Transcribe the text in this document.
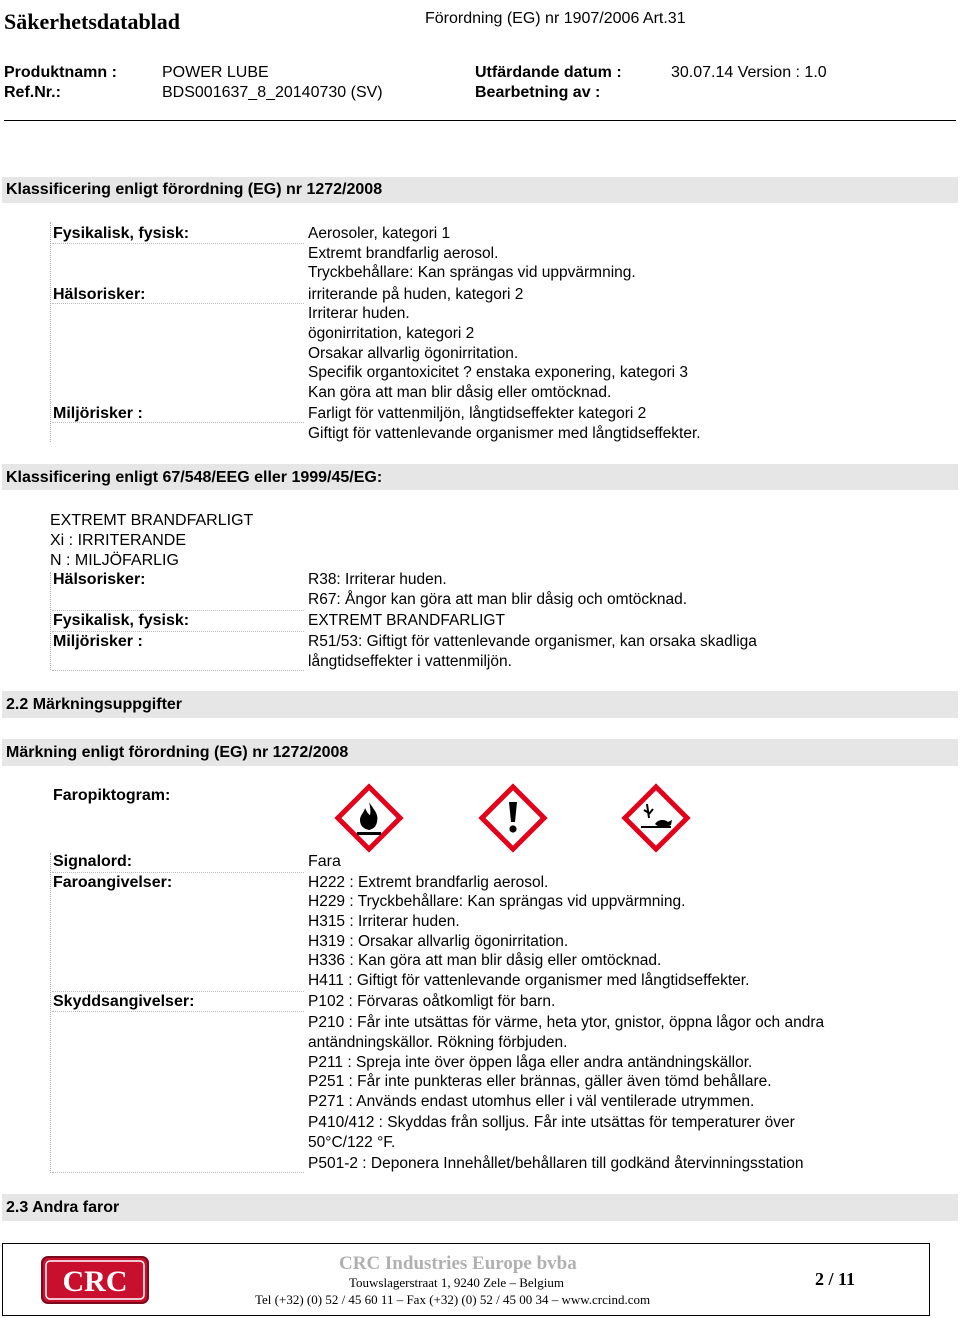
Säkerhetsdatablad	Förordning (EG) nr 1907/2006 Art.31
Produktnamn :	POWER LUBE	Utfärdande datum :	30.07.14 Version : 1.0
Ref.Nr.:	BDS001637_8_20140730 (SV)	Bearbetning av :
Klassificering enligt förordning (EG) nr 1272/2008
Fysikalisk, fysisk:	Aerosoler, kategori 1
Extremt brandfarlig aerosol.
Tryckbehållare: Kan sprängas vid uppvärmning.
Hälsorisker:	irriterande på huden, kategori 2
Irriterar huden.
ögonirritation, kategori 2
Orsakar allvarlig ögonirritation.
Specifik organtoxicitet ? enstaka exponering, kategori 3
Kan göra att man blir dåsig eller omtöcknad.
Miljörisker :	Farligt för vattenmiljön, långtidseffekter kategori 2
Giftigt för vattenlevande organismer med långtidseffekter.
Klassificering enligt 67/548/EEG eller 1999/45/EG:
EXTREMT BRANDFARLIGT
Xi : IRRITERANDE
N : MILJÖFARLIG
Hälsorisker:	R38: Irriterar huden.
R67: Ångor kan göra att man blir dåsig och omtöcknad.
Fysikalisk, fysisk:	EXTREMT BRANDFARLIGT
Miljörisker :	R51/53: Giftigt för vattenlevande organismer, kan orsaka skadliga
långtidseffekter i vattenmiljön.
2.2 Märkningsuppgifter
Märkning enligt förordning (EG) nr 1272/2008
Faropiktogram:
Signalord:	Fara
Faroangivelser:	H222 : Extremt brandfarlig aerosol.
H229 : Tryckbehållare: Kan sprängas vid uppvärmning.
H315 : Irriterar huden.
H319 : Orsakar allvarlig ögonirritation.
H336 : Kan göra att man blir dåsig eller omtöcknad.
H411 : Giftigt för vattenlevande organismer med långtidseffekter.
Skyddsangivelser:	P102 : Förvaras oåtkomligt för barn.
P210 : Får inte utsättas för värme, heta ytor, gnistor, öppna lågor och andra
antändningskällor. Rökning förbjuden.
P211 : Spreja inte över öppen låga eller andra antändningskällor.
P251 : Får inte punkteras eller brännas, gäller även tömd behållare.
P271 : Används endast utomhus eller i väl ventilerade utrymmen.
P410/412 : Skyddas från solljus. Får inte utsättas för temperaturer över
50°C/122 °F.
P501-2 : Deponera Innehållet/behållaren till godkänd återvinningsstation
2.3 Andra faror
CRC
CRC Industries Europe bvba
Touwslagerstraat 1, 9240 Zele – Belgium
Tel (+32) (0) 52 / 45 60 11 – Fax (+32) (0) 52 / 45 00 34 – www.crcind.com
2 / 11
